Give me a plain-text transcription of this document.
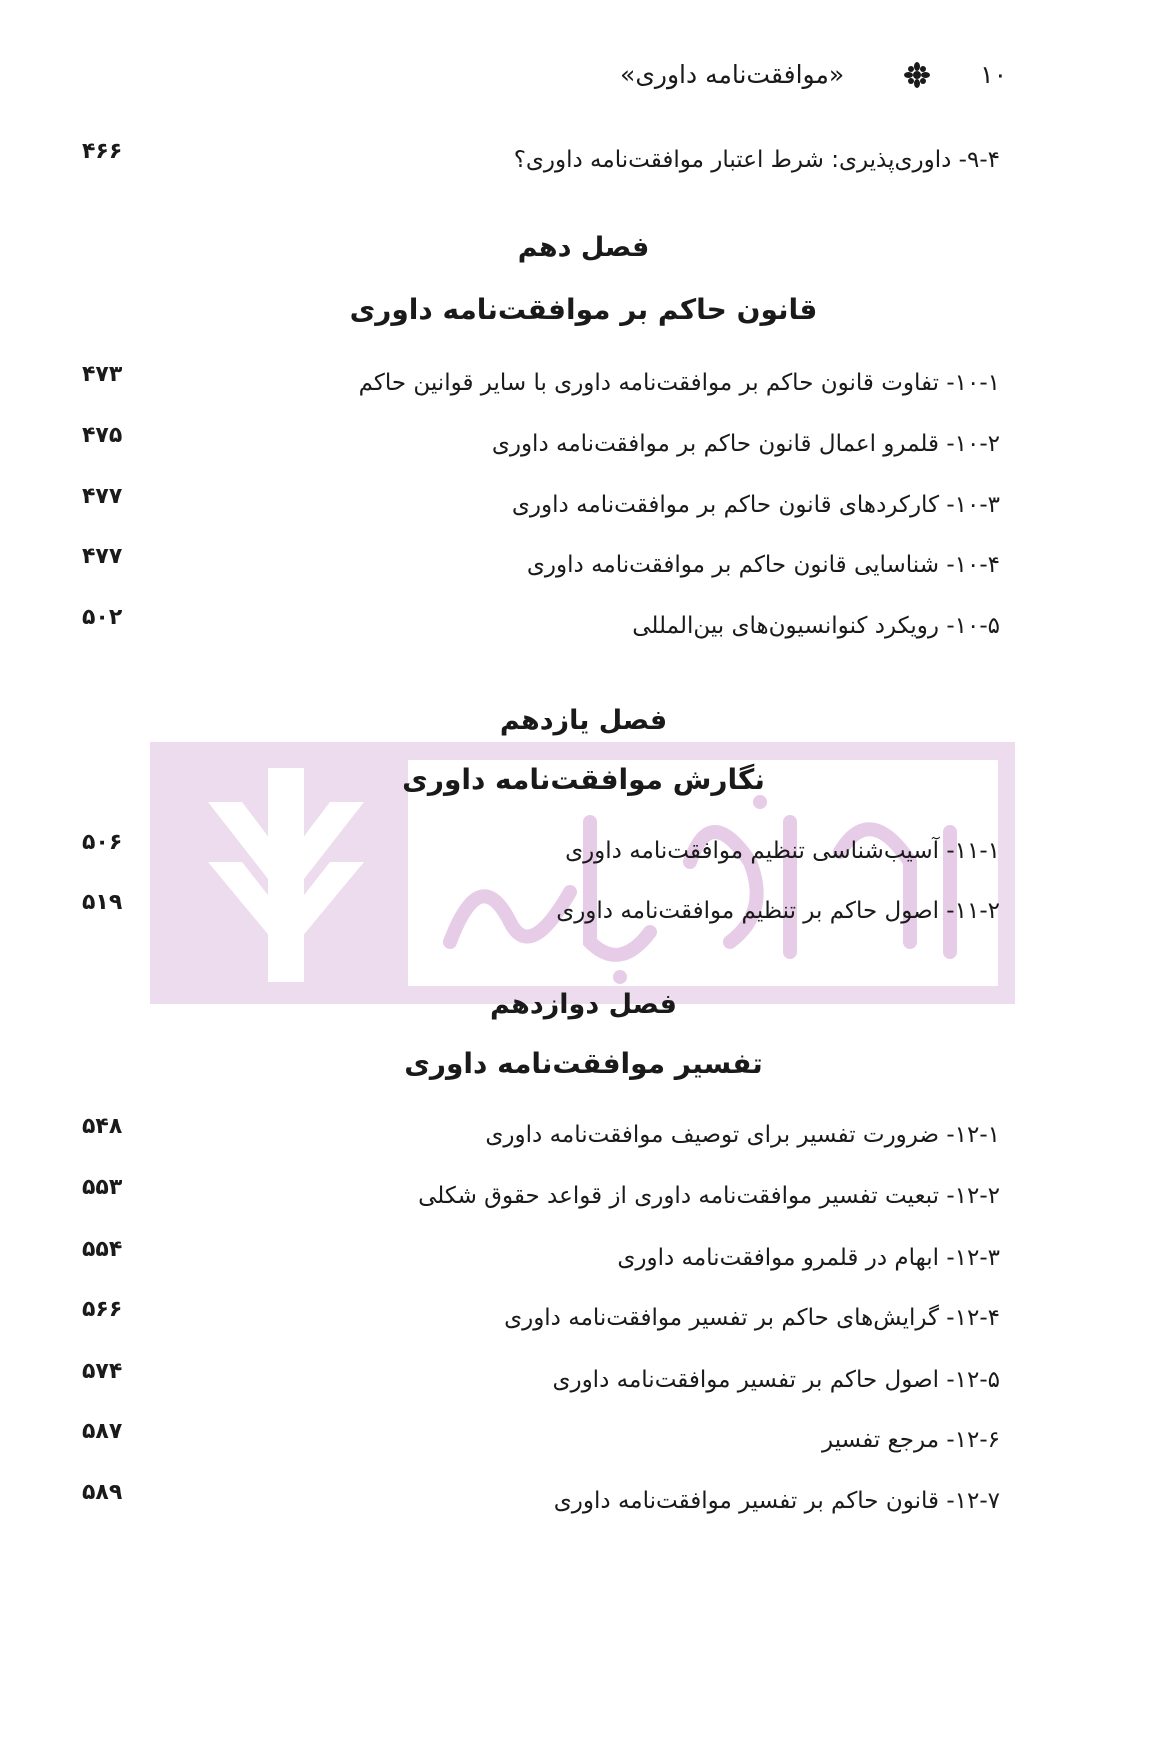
۱۰
«موافقت‌نامه داوری»
۹-۴- داوری‌پذیری: شرط اعتبار موافقت‌نامه داوری؟
۴۶۶
فصل دهم
قانون حاکم بر موافقت‌نامه داوری
۱۰-۱- تفاوت قانون حاکم بر موافقت‌نامه داوری با سایر قوانین حاکم
۴۷۳
۱۰-۲- قلمرو اعمال قانون حاکم بر موافقت‌نامه داوری
۴۷۵
۱۰-۳- کارکردهای قانون حاکم بر موافقت‌نامه داوری
۴۷۷
۱۰-۴- شناسایی قانون حاکم بر موافقت‌نامه داوری
۴۷۷
۱۰-۵- رویکرد کنوانسیون‌های بین‌المللی
۵۰۲
فصل یازدهم
نگارش موافقت‌نامه داوری
۱۱-۱- آسیب‌شناسی تنظیم موافقت‌نامه داوری
۵۰۶
۱۱-۲- اصول حاکم بر تنظیم موافقت‌نامه داوری
۵۱۹
فصل دوازدهم
تفسیر موافقت‌نامه داوری
۱۲-۱- ضرورت تفسیر برای توصیف موافقت‌نامه داوری
۵۴۸
۱۲-۲- تبعیت تفسیر موافقت‌نامه داوری از قواعد حقوق شکلی
۵۵۳
۱۲-۳- ابهام در قلمرو موافقت‌نامه داوری
۵۵۴
۱۲-۴- گرایش‌های حاکم بر تفسیر موافقت‌نامه داوری
۵۶۶
۱۲-۵- اصول حاکم بر تفسیر موافقت‌نامه داوری
۵۷۴
۱۲-۶- مرجع تفسیر
۵۸۷
۱۲-۷- قانون حاکم بر تفسیر موافقت‌نامه داوری
۵۸۹
